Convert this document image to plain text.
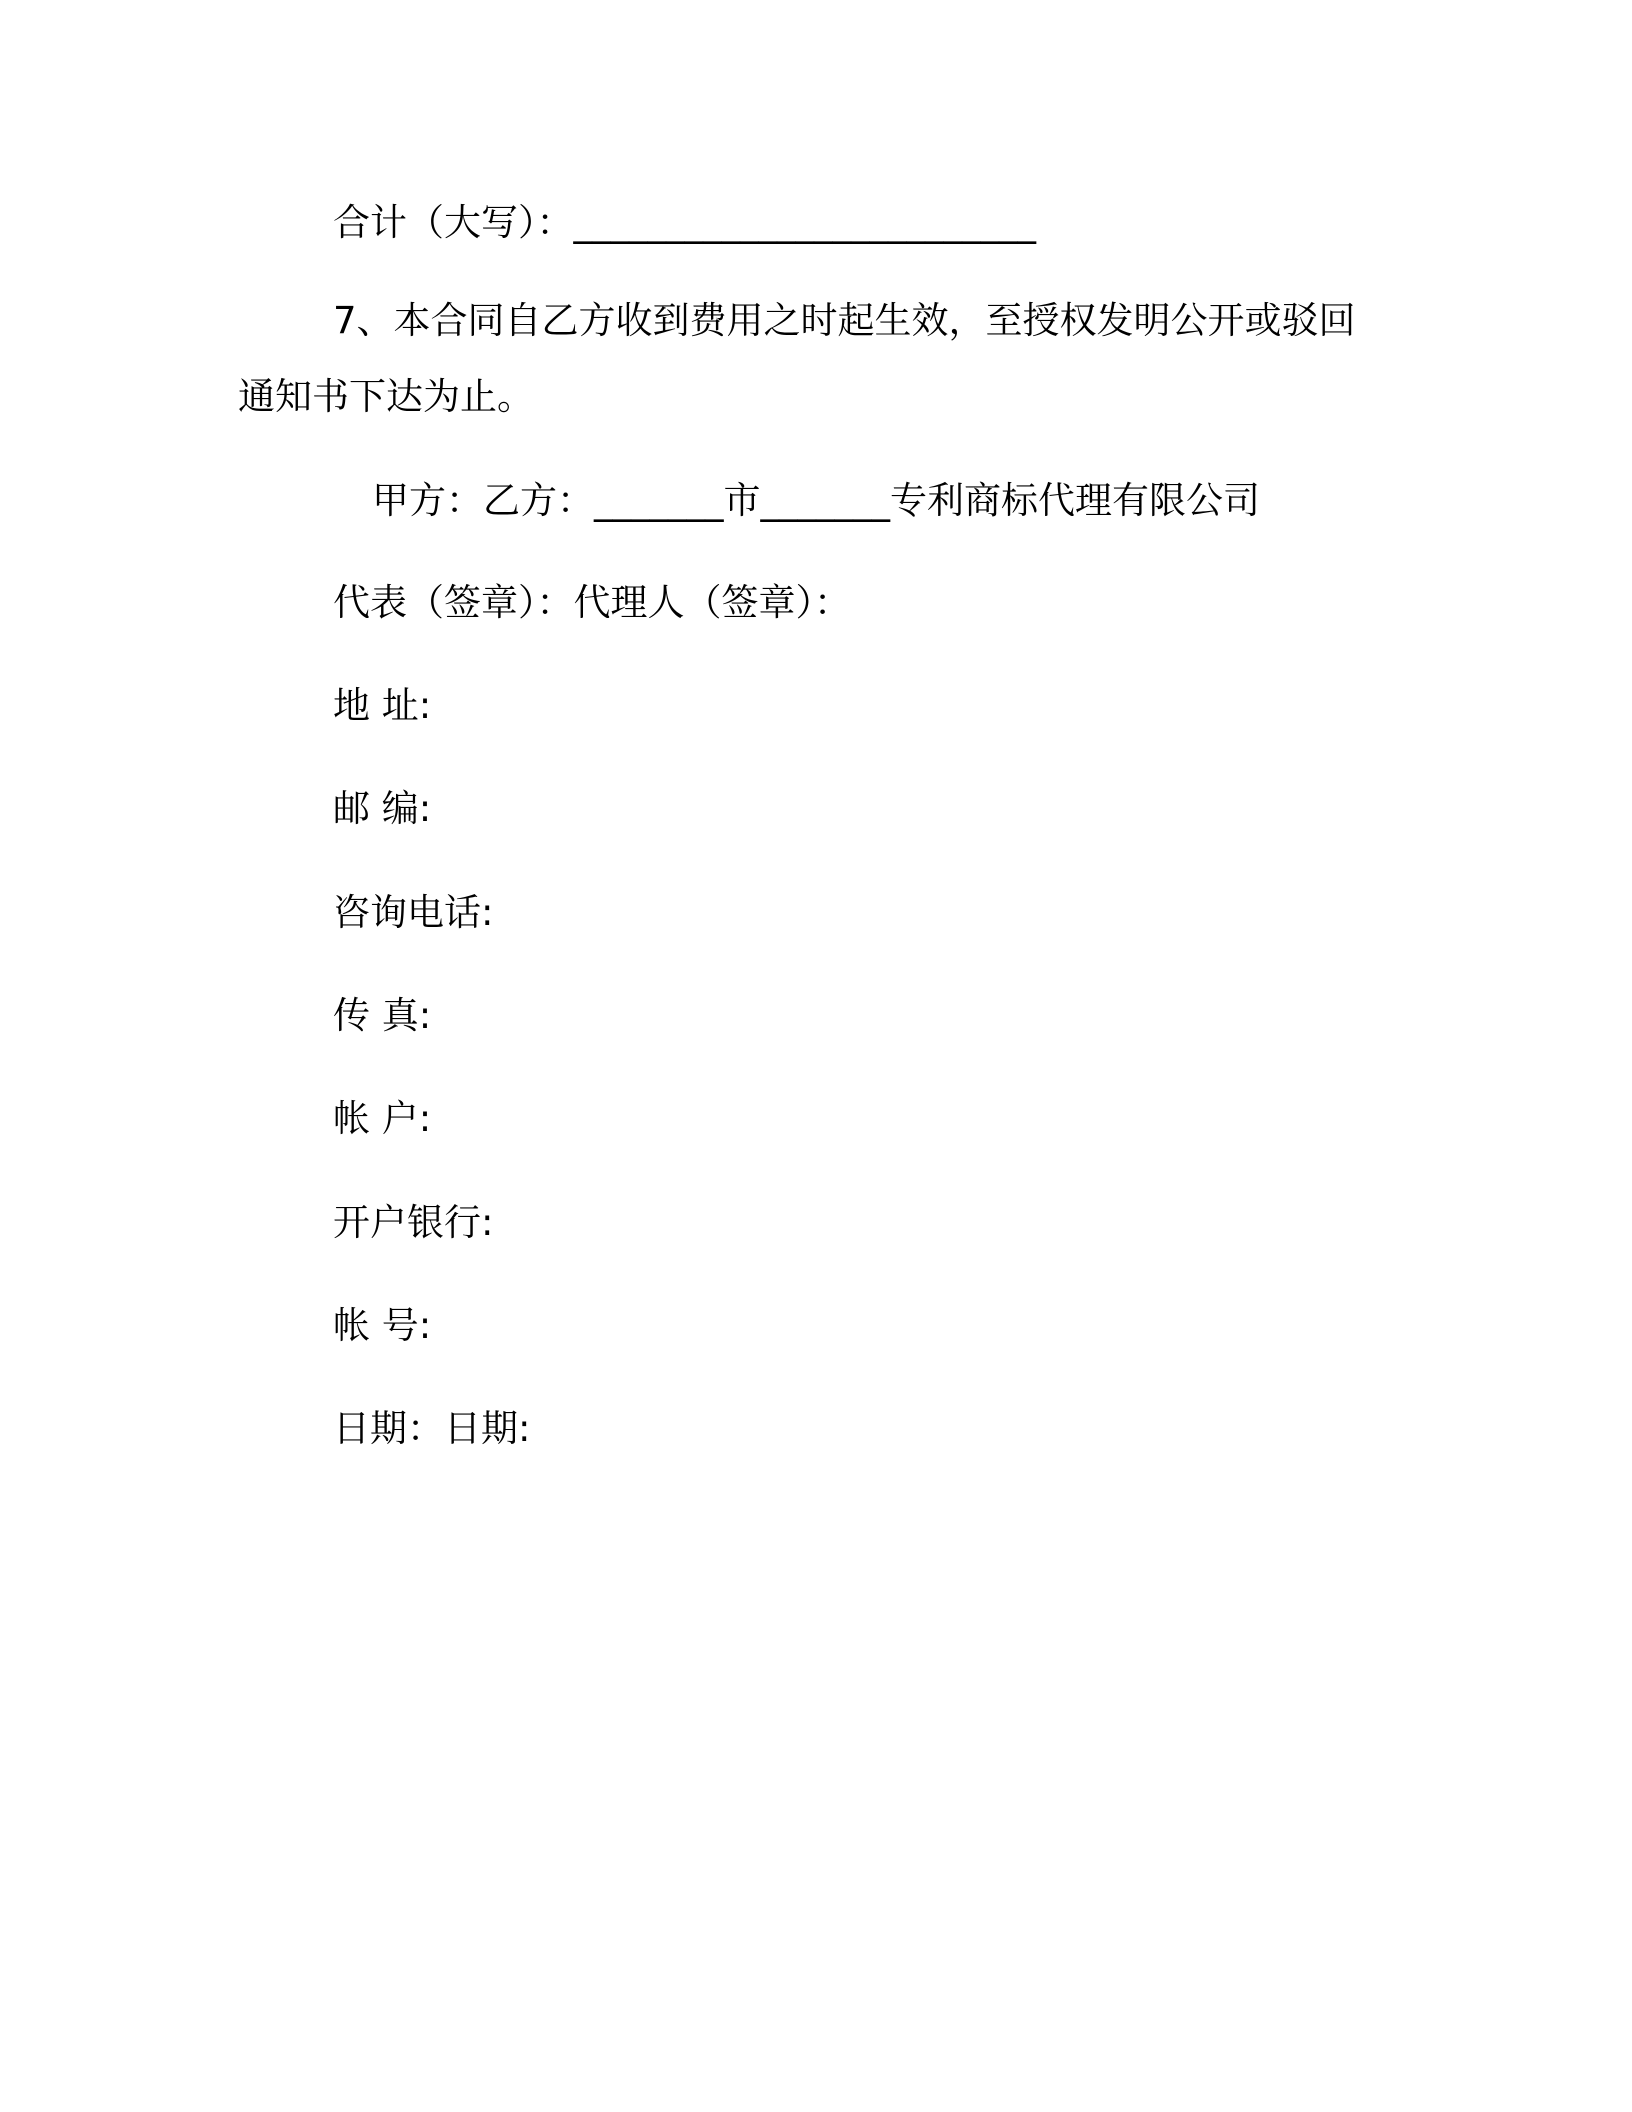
合计（大写）：_________________________
7、本合同自乙方收到费用之时起生效，至授权发明公开或驳回
通知书下达为止。
甲方：乙方：_______市_______专利商标代理有限公司
代表（签章）：代理人（签章）：
地 址:
邮 编:
咨询电话:
传 真:
帐 户:
开户银行:
帐 号:
日期：日期:
